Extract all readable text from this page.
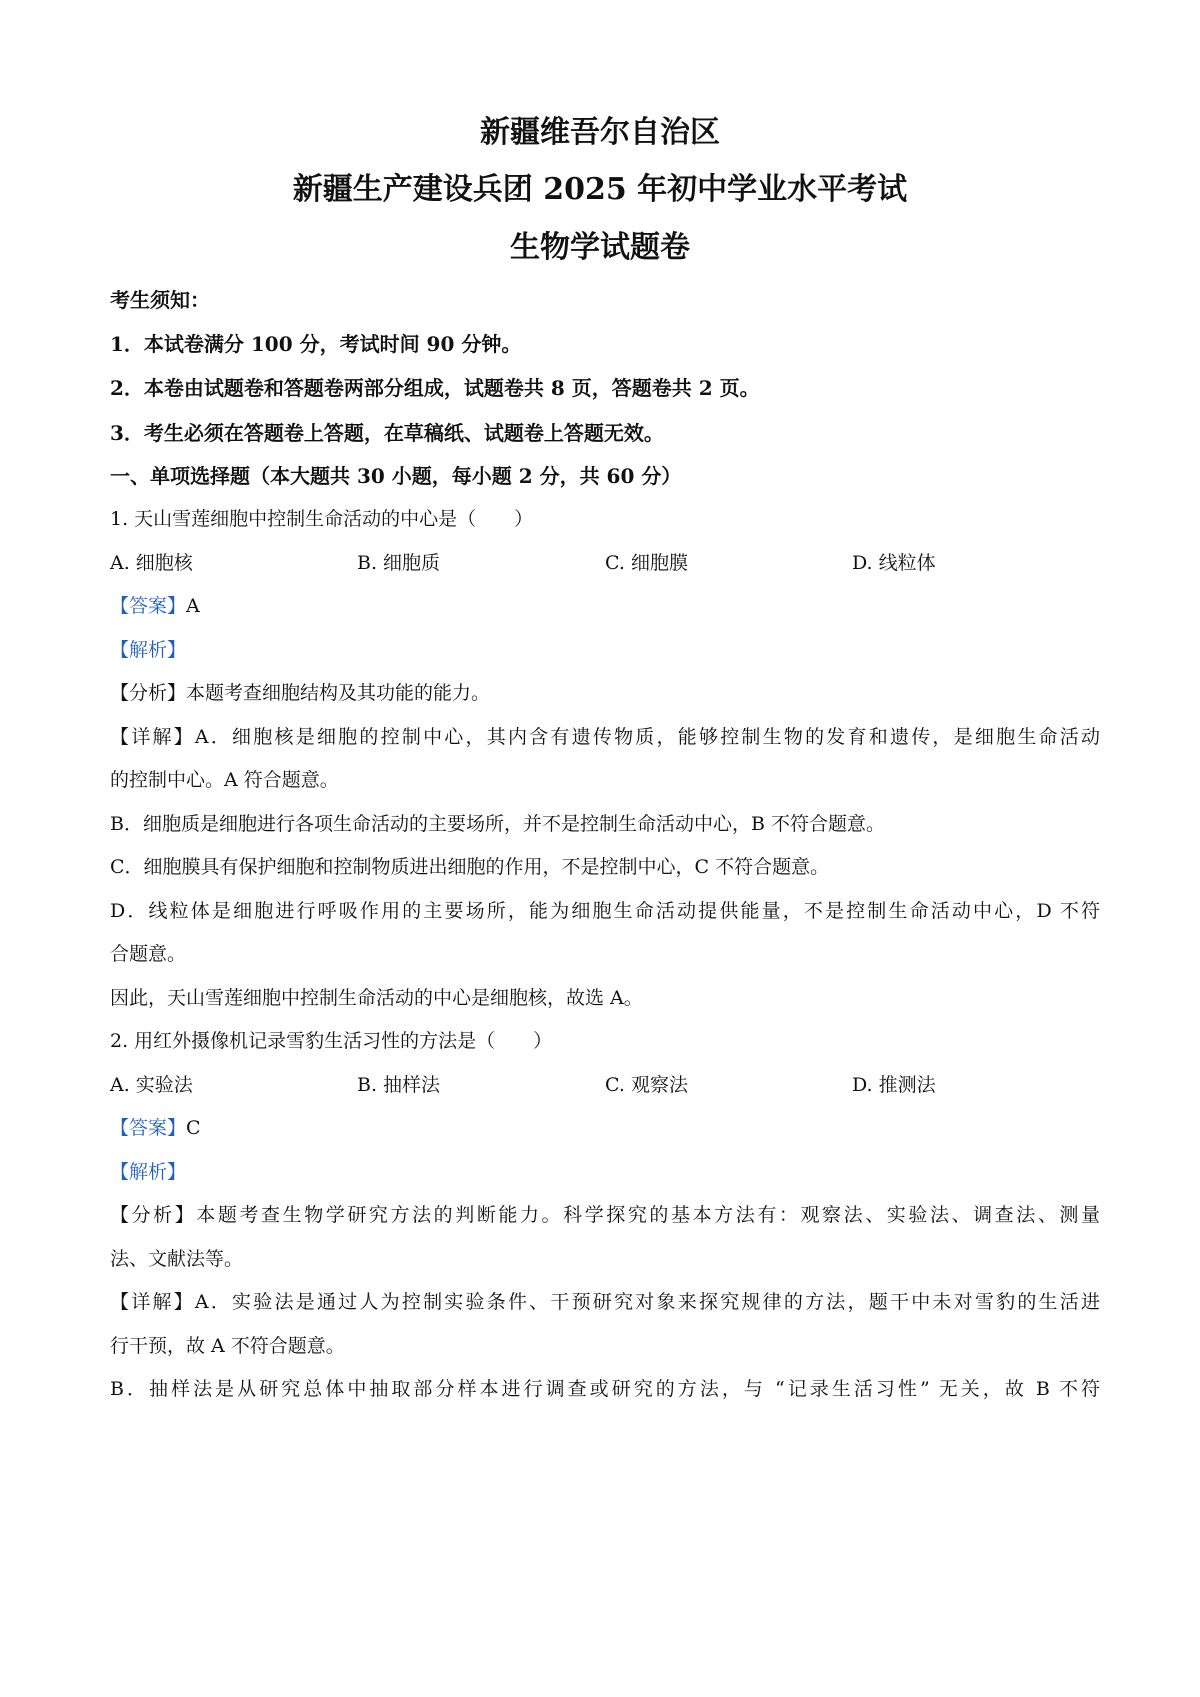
新疆维吾尔自治区
新疆生产建设兵团 2025 年初中学业水平考试
生物学试题卷
考生须知：
1．本试卷满分 100 分，考试时间 90 分钟。
2．本卷由试题卷和答题卷两部分组成，试题卷共 8 页，答题卷共 2 页。
3．考生必须在答题卷上答题，在草稿纸、试题卷上答题无效。
一、单项选择题（本大题共 30 小题，每小题 2 分，共 60 分）
1. 天山雪莲细胞中控制生命活动的中心是（　　）
A. 细胞核	B. 细胞质	C. 细胞膜	D. 线粒体
【答案】A
【解析】
【分析】本题考查细胞结构及其功能的能力。
【详解】A．细胞核是细胞的控制中心，其内含有遗传物质，能够控制生物的发育和遗传，是细胞生命活动
的控制中心。A 符合题意。
B．细胞质是细胞进行各项生命活动的主要场所，并不是控制生命活动中心，B 不符合题意。
C．细胞膜具有保护细胞和控制物质进出细胞的作用，不是控制中心，C 不符合题意。
D．线粒体是细胞进行呼吸作用的主要场所，能为细胞生命活动提供能量，不是控制生命活动中心，D 不符
合题意。
因此，天山雪莲细胞中控制生命活动的中心是细胞核，故选 A。
2. 用红外摄像机记录雪豹生活习性的方法是（　　）
A. 实验法	B. 抽样法	C. 观察法	D. 推测法
【答案】C
【解析】
【分析】本题考查生物学研究方法的判断能力。科学探究的基本方法有：观察法、实验法、调查法、测量
法、文献法等。
【详解】A．实验法是通过人为控制实验条件、干预研究对象来探究规律的方法，题干中未对雪豹的生活进
行干预，故 A 不符合题意。
B．抽样法是从研究总体中抽取部分样本进行调查或研究的方法，与 “记录生活习性” 无关，故 B 不符
